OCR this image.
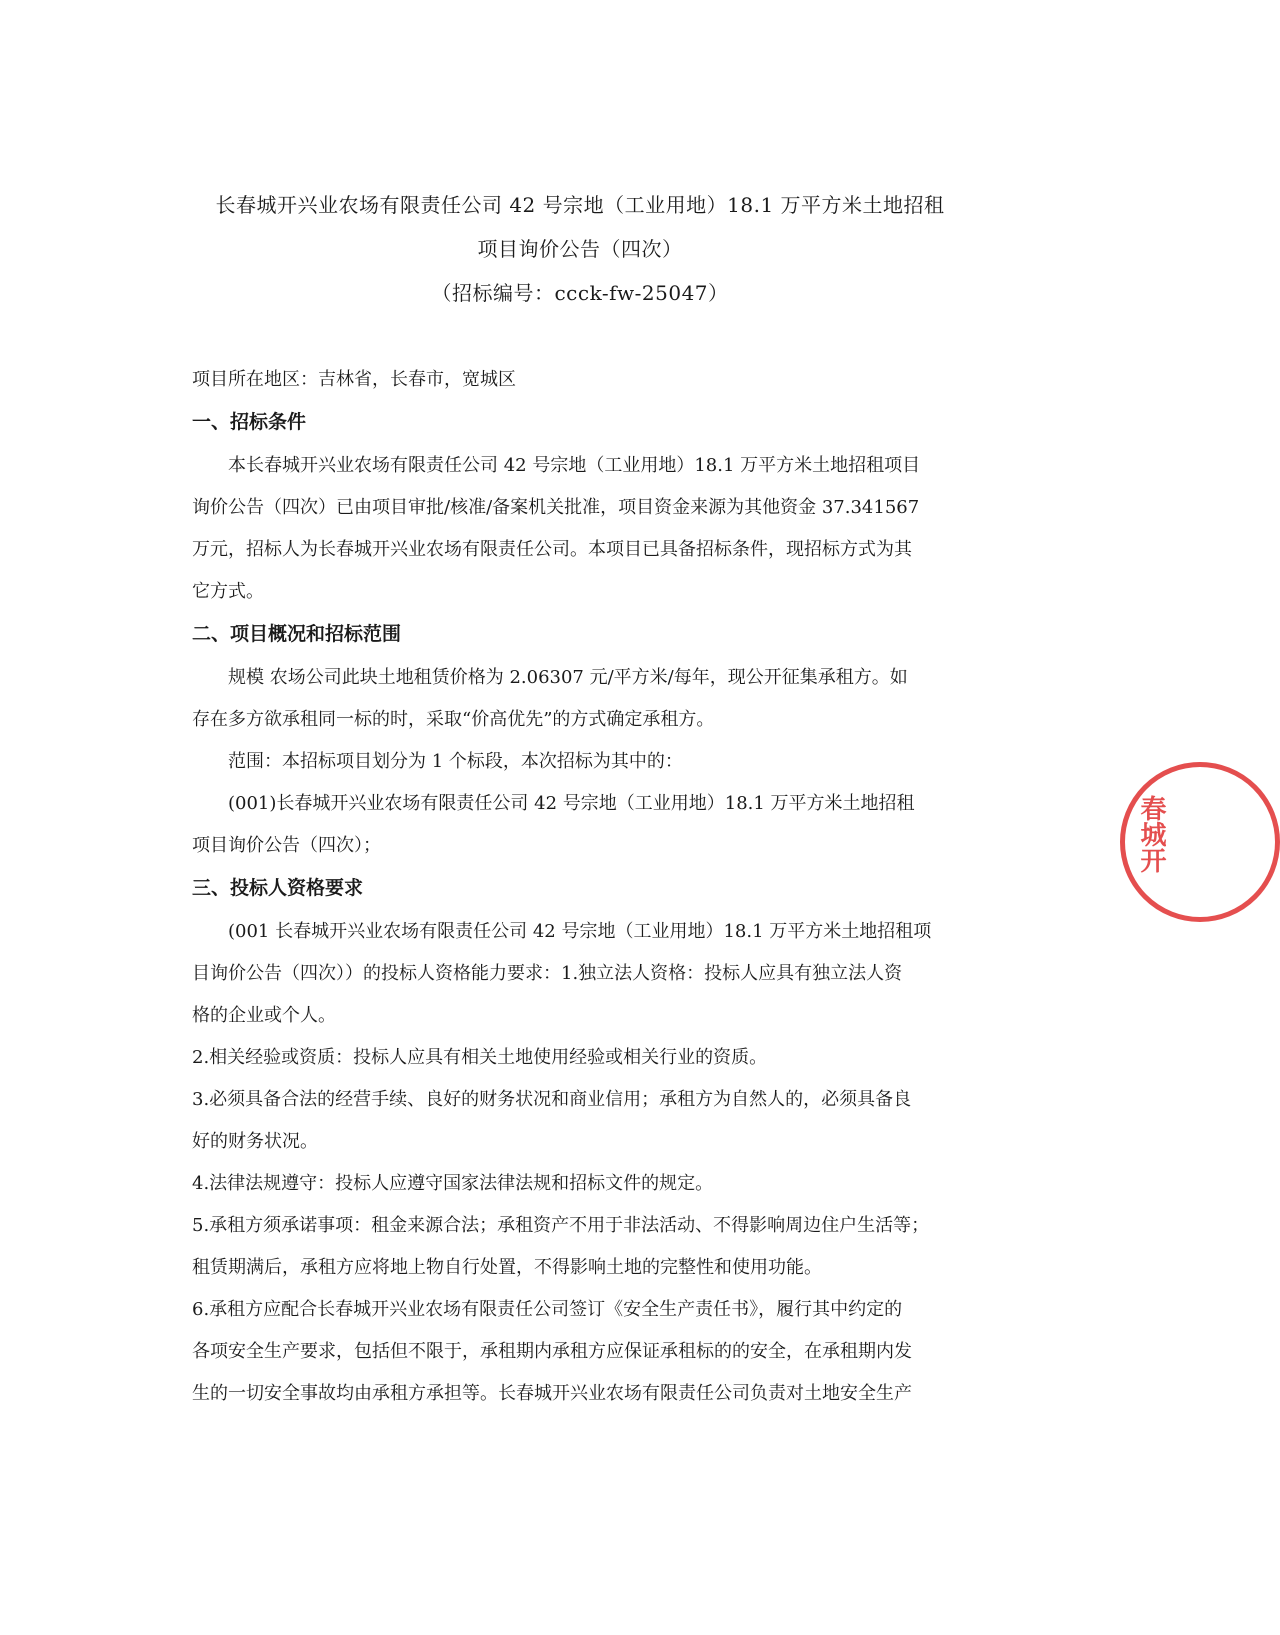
长春城开兴业农场有限责任公司 42 号宗地（工业用地）18.1 万平方米土地招租
项目询价公告（四次）
（招标编号：ccck-fw-25047）
项目所在地区：吉林省，长春市，宽城区
一、招标条件
本长春城开兴业农场有限责任公司 42 号宗地（工业用地）18.1 万平方米土地招租项目
询价公告（四次）已由项目审批/核准/备案机关批准，项目资金来源为其他资金 37.341567
万元，招标人为长春城开兴业农场有限责任公司。本项目已具备招标条件，现招标方式为其
它方式。
二、项目概况和招标范围
规模 农场公司此块土地租赁价格为 2.06307 元/平方米/每年，现公开征集承租方。如
存在多方欲承租同一标的时，采取“价高优先”的方式确定承租方。
范围：本招标项目划分为 1 个标段，本次招标为其中的：
(001)长春城开兴业农场有限责任公司 42 号宗地（工业用地）18.1 万平方米土地招租
项目询价公告（四次）；
三、投标人资格要求
(001 长春城开兴业农场有限责任公司 42 号宗地（工业用地）18.1 万平方米土地招租项
目询价公告（四次））的投标人资格能力要求：1.独立法人资格：投标人应具有独立法人资
格的企业或个人。
2.相关经验或资质：投标人应具有相关土地使用经验或相关行业的资质。
3.必须具备合法的经营手续、良好的财务状况和商业信用；承租方为自然人的，必须具备良
好的财务状况。
4.法律法规遵守：投标人应遵守国家法律法规和招标文件的规定。
5.承租方须承诺事项：租金来源合法；承租资产不用于非法活动、不得影响周边住户生活等；
租赁期满后，承租方应将地上物自行处置，不得影响土地的完整性和使用功能。
6.承租方应配合长春城开兴业农场有限责任公司签订《安全生产责任书》，履行其中约定的
各项安全生产要求，包括但不限于，承租期内承租方应保证承租标的的安全，在承租期内发
生的一切安全事故均由承租方承担等。长春城开兴业农场有限责任公司负责对土地安全生产
春城开
